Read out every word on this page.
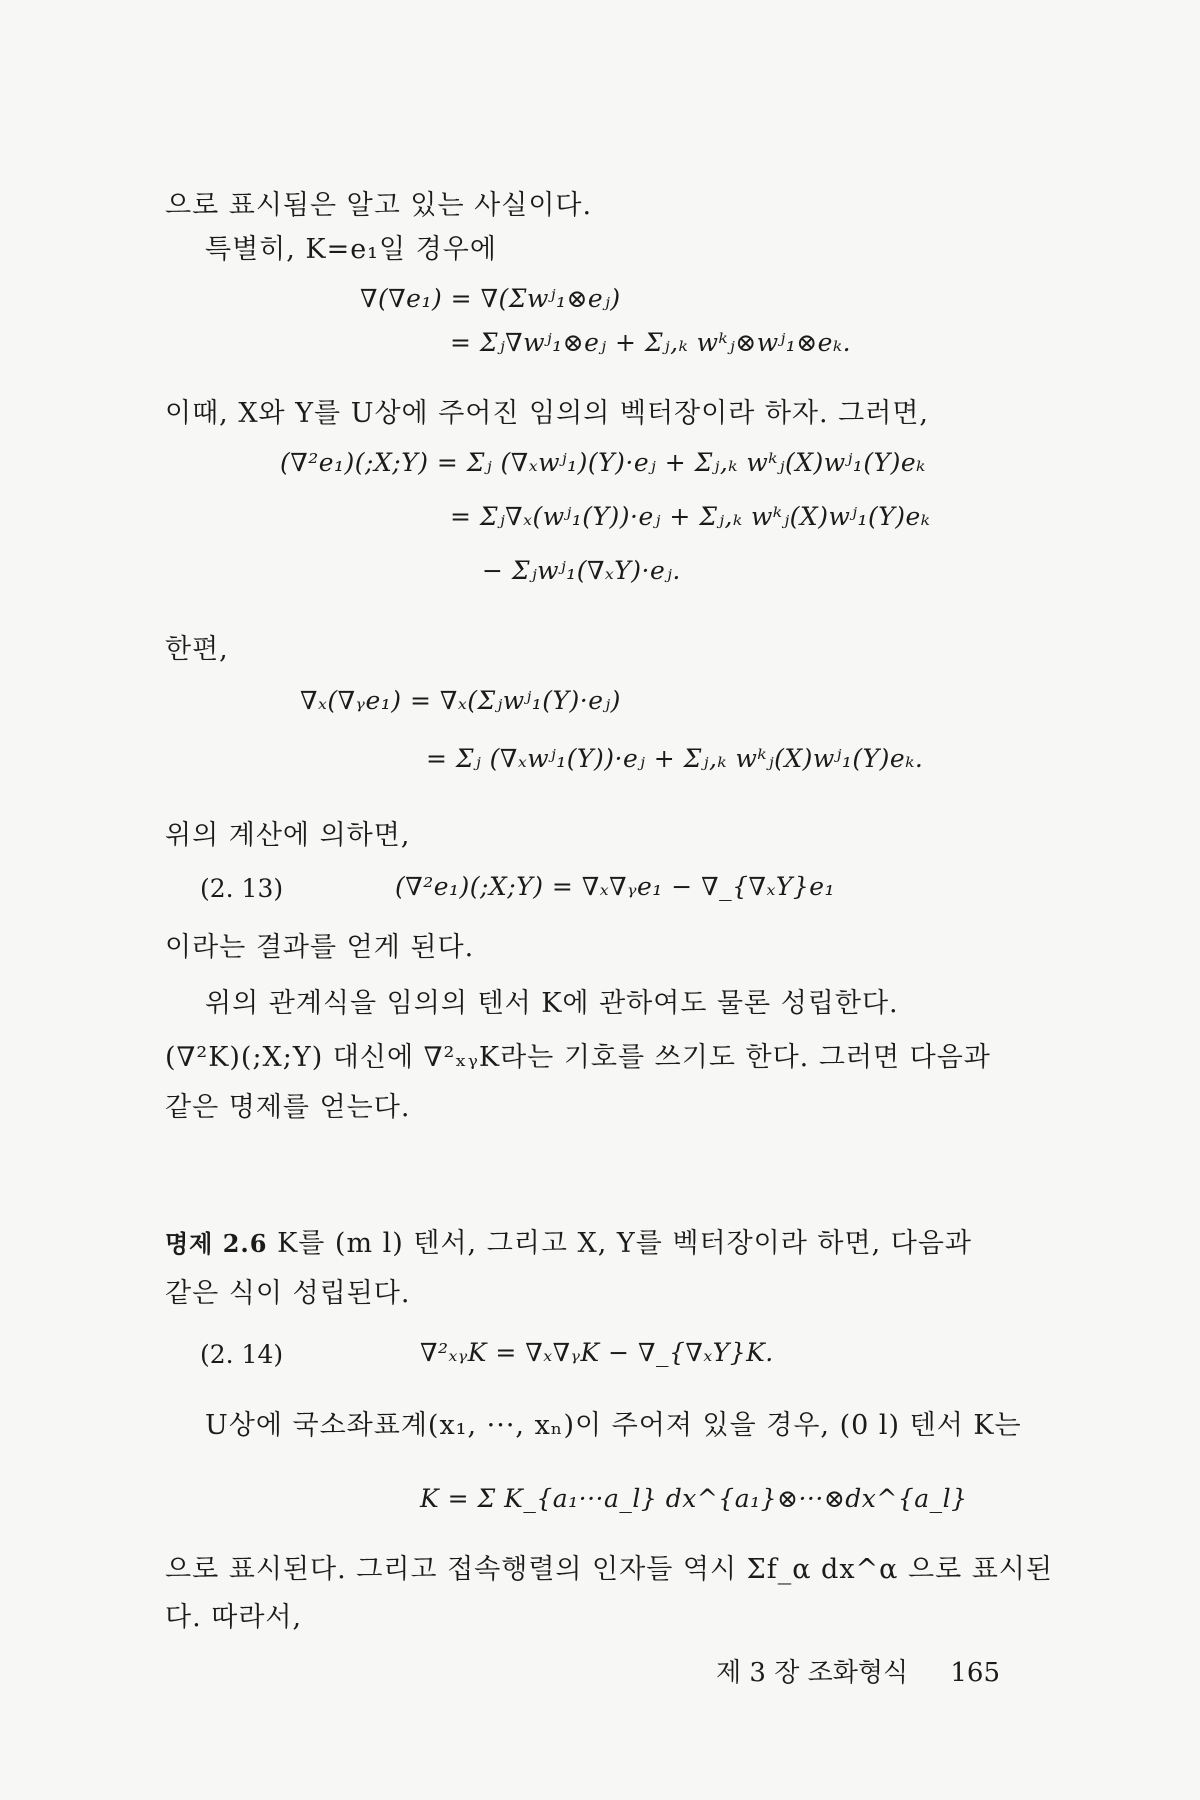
으로 표시됨은 알고 있는 사실이다.
특별히, K=e₁일 경우에
∇(∇e₁) = ∇(Σwʲ₁⊗eⱼ)
= Σⱼ∇wʲ₁⊗eⱼ + Σⱼ,ₖ wᵏⱼ⊗wʲ₁⊗eₖ.
이때, X와 Y를 U상에 주어진 임의의 벡터장이라 하자. 그러면,
(∇²e₁)(;X;Y) = Σⱼ (∇ₓwʲ₁)(Y)·eⱼ + Σⱼ,ₖ wᵏⱼ(X)wʲ₁(Y)eₖ
= Σⱼ∇ₓ(wʲ₁(Y))·eⱼ + Σⱼ,ₖ wᵏⱼ(X)wʲ₁(Y)eₖ
− Σⱼwʲ₁(∇ₓY)·eⱼ.
한편,
∇ₓ(∇ᵧe₁) = ∇ₓ(Σⱼwʲ₁(Y)·eⱼ)
= Σⱼ (∇ₓwʲ₁(Y))·eⱼ + Σⱼ,ₖ wᵏⱼ(X)wʲ₁(Y)eₖ.
위의 계산에 의하면,
(2. 13)	(∇²e₁)(;X;Y) = ∇ₓ∇ᵧe₁ − ∇_{∇ₓY}e₁
이라는 결과를 얻게 된다.
위의 관계식을 임의의 텐서 K에 관하여도 물론 성립한다.
(∇²K)(;X;Y) 대신에 ∇²ₓᵧK라는 기호를 쓰기도 한다. 그러면 다음과
같은 명제를 얻는다.
명제 2.6 K를 (m l) 텐서, 그리고 X, Y를 벡터장이라 하면, 다음과
같은 식이 성립된다.
(2. 14)	∇²ₓᵧK = ∇ₓ∇ᵧK − ∇_{∇ₓY}K.
U상에 국소좌표계(x₁, ···, xₙ)이 주어져 있을 경우, (0 l) 텐서 K는
K = Σ K_{a₁···a_l} dx^{a₁}⊗···⊗dx^{a_l}
으로 표시된다. 그리고 접속행렬의 인자들 역시 Σf_α dx^α 으로 표시된
다. 따라서,
제 3 장 조화형식 165
